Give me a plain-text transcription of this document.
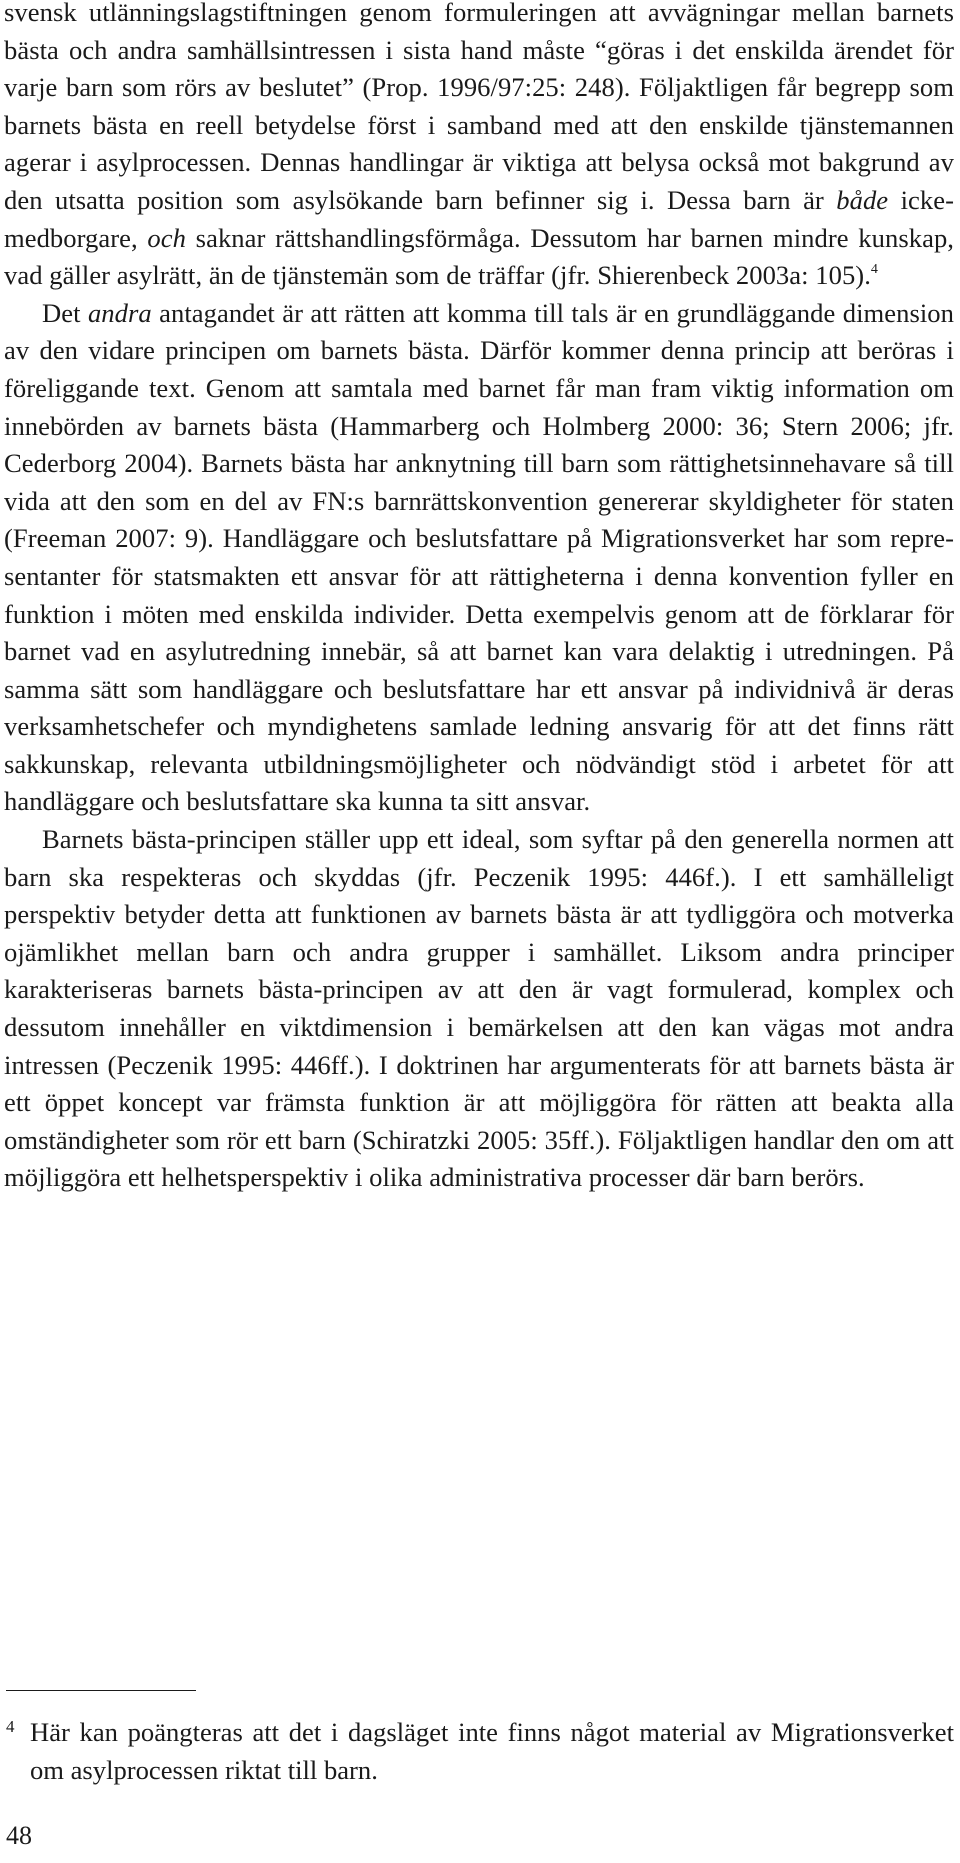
svensk utlänningslagstiftningen genom formuleringen att avvägningar mellan barnets bästa och andra samhällsintressen i sista hand måste “göras i det enskilda ärendet för varje barn som rörs av beslutet” (Prop. 1996/97:25: 248). Följaktligen får begrepp som barnets bästa en reell betydelse först i samband med att den enskilde tjänstemannen agerar i asylprocessen. Dennas handlingar är viktiga att belysa också mot bakgrund av den utsatta position som asylsökande barn befinner sig i. Dessa barn är både icke-medborgare, och saknar rättshandlingsförmåga. Dessutom har barnen mindre kunskap, vad gäller asylrätt, än de tjänstemän som de träffar (jfr. Shierenbeck 2003a: 105).$^4$

Det andra antagandet är att rätten att komma till tals är en grundläggande dimension av den vidare principen om barnets bästa. Därför kommer denna princip att beröras i föreliggande text. Genom att samtala med barnet får man fram viktig information om innebörden av barnets bästa (Hammarberg och Holmberg 2000: 36; Stern 2006; jfr. Cederborg 2004). Barnets bästa har anknytning till barn som rättighetsinnehavare så till vida att den som en del av FN:s barnrättskonvention genererar skyldigheter för staten (Freeman 2007: 9). Handläggare och beslutsfattare på Migrationsverket har som representanter för statsmakten ett ansvar för att rättigheterna i denna konvention fyller en funktion i möten med enskilda individer. Detta exempelvis genom att de förklarar för barnet vad en asylutredning innebär, så att barnet kan vara delaktig i utredningen. På samma sätt som handläggare och beslutsfattare har ett ansvar på individnivå är deras verksamhetschefer och myndighetens samlade ledning ansvarig för att det finns rätt sakkunskap, relevanta utbildningsmöjligheter och nödvändigt stöd i arbetet för att handläggare och beslutsfattare ska kunna ta sitt ansvar.

Barnets bästa-principen ställer upp ett ideal, som syftar på den generella normen att barn ska respekteras och skyddas (jfr. Peczenik 1995: 446f.). I ett samhälleligt perspektiv betyder detta att funktionen av barnets bästa är att tydliggöra och motverka ojämlikhet mellan barn och andra grupper i samhället. Liksom andra principer karakteriseras barnets bästa-principen av att den är vagt formulerad, komplex och dessutom innehåller en viktdimension i bemärkelsen att den kan vägas mot andra intressen (Peczenik 1995: 446ff.). I doktrinen har argumenterats för att barnets bästa är ett öppet koncept var främsta funktion är att möjliggöra för rätten att beakta alla omständigheter som rör ett barn (Schiratzki 2005: 35ff.). Följaktligen handlar den om att möjliggöra ett helhetsperspektiv i olika administrativa processer där barn berörs.

4 Här kan poängteras att det i dagsläget inte finns något material av Migrationsverket om asylprocessen riktat till barn.
48
